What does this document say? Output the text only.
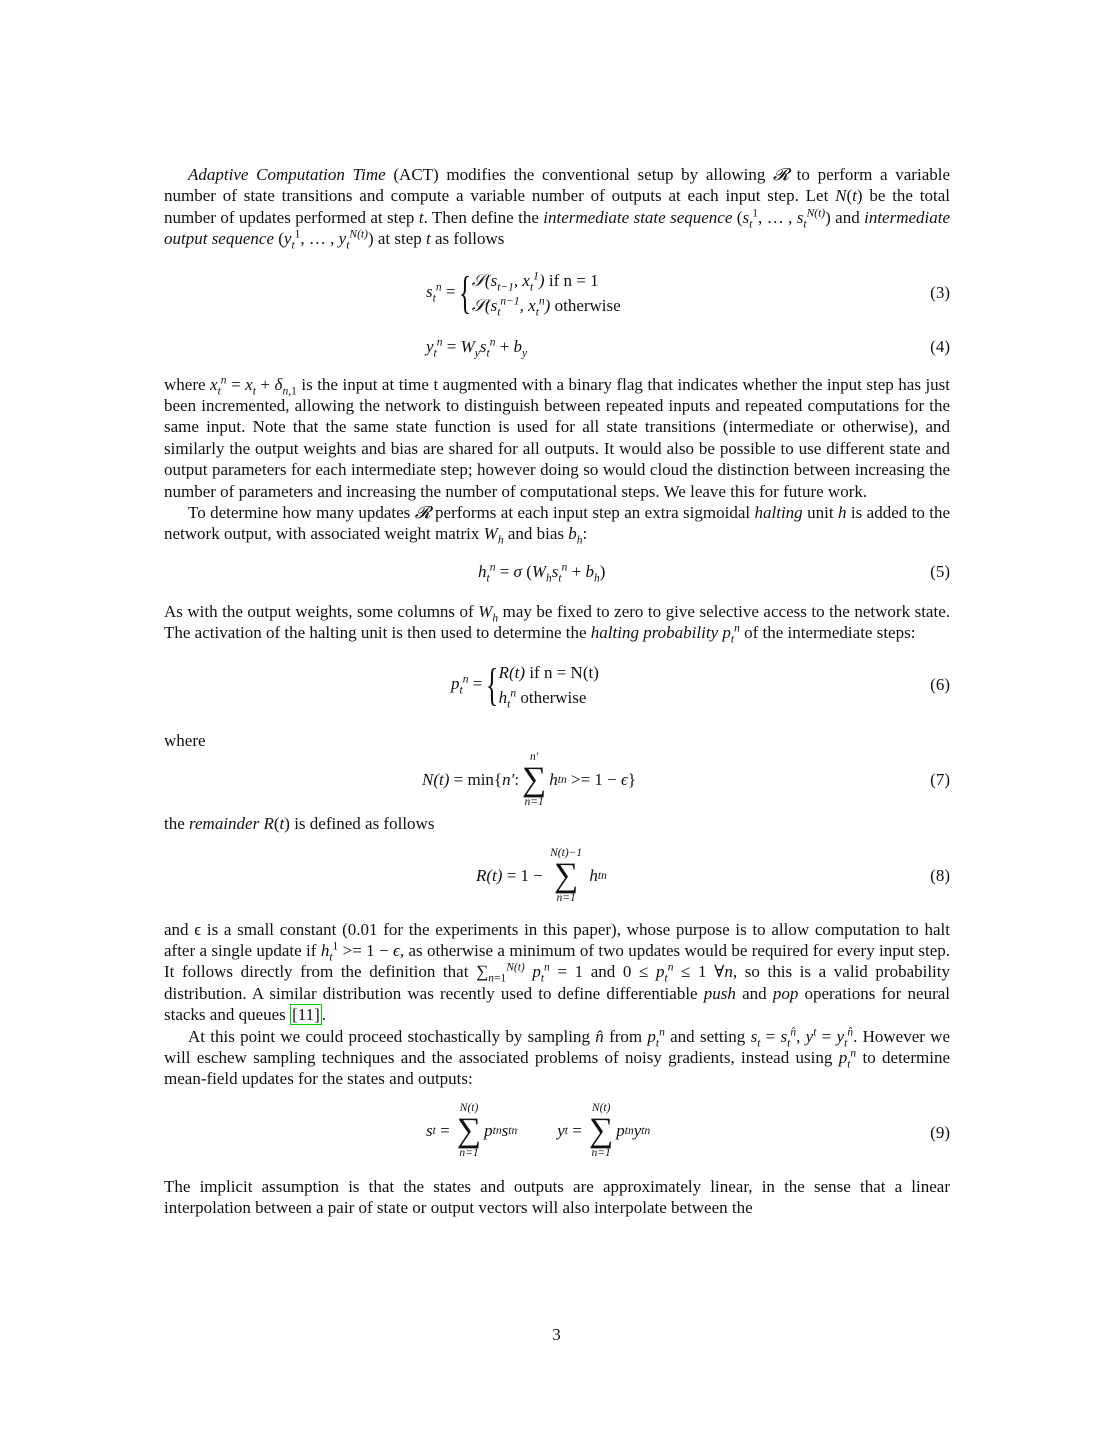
Adaptive Computation Time (ACT) modifies the conventional setup by allowing 𝓡 to perform a variable number of state transitions and compute a variable number of outputs at each input step. Let N(t) be the total number of updates performed at step t. Then define the intermediate state sequence ($s_t^1$, … , $s_t^{N(t)}$) and intermediate output sequence ($y_t^1$, … , $y_t^{N(t)}$) at step t as follows

$s_t^n$ = { $𝒮(s_{t-1}$, $x_t^1$) if n = 1
$𝒮(s_t^{n-1}$, $x_t^n$) otherwise
(3)
$y_t^n = W_ys_t^n + b_y$	(4)

where $x_t^n = x_t + \delta_{n,1}$ is the input at time t augmented with a binary flag that indicates whether the input step has just been incremented, allowing the network to distinguish between repeated inputs and repeated computations for the same input. Note that the same state function is used for all state transitions (intermediate or otherwise), and similarly the output weights and bias are shared for all outputs. It would also be possible to use different state and output parameters for each intermediate step; however doing so would cloud the distinction between increasing the number of parameters and increasing the number of computational steps. We leave this for future work.

To determine how many updates 𝓡 performs at each input step an extra sigmoidal halting unit h is added to the network output, with associated weight matrix $W_h$ and bias $b_h$:

$h_t^n = \sigma$ $(W_hs_t^n + b_h)$	(5)

As with the output weights, some columns of $W_h$ may be fixed to zero to give selective access to the network state. The activation of the halting unit is then used to determine the halting probability $p_t^n$ of the intermediate steps:

$p_t^n$ = { R(t) if n = N(t)
$h_t^n$ otherwise
(6)

where

N(t) = min{ n′ :
n′
∑
n=1
h t n >= 1 − ϵ }	(7)

the remainder R(t) is defined as follows

R(t) = 1 −
N(t)−1
∑
n=1
h t n	(8)

and ϵ is a small constant (0.01 for the experiments in this paper), whose purpose is to allow computation to halt after a single update if $h_t^1 >= 1 - \epsilon$, as otherwise a minimum of two updates would be required for every input step. It follows directly from the definition that $\sum_{n=1}^{N(t)}$ $p_t^n = 1$ and $0 \le p_t^n \le 1$ ∀n, so this is a valid probability distribution. A similar distribution was recently used to define differentiable push and pop operations for neural stacks and queues [11] .

At this point we could proceed stochastically by sampling n̂ from $p_t^n$ and setting $s_t = s_t^{n̂}$, $y^t = y_t^{n̂}$. However we will eschew sampling techniques and the associated problems of noisy gradients, instead using $p_t^n$ to determine mean-field updates for the states and outputs:

s t =
N(t)
∑
n=1
p t n s t n y t =
N(t)
∑
n=1
p t n y t n	(9)

The implicit assumption is that the states and outputs are approximately linear, in the sense that a linear interpolation between a pair of state or output vectors will also interpolate between the

3
